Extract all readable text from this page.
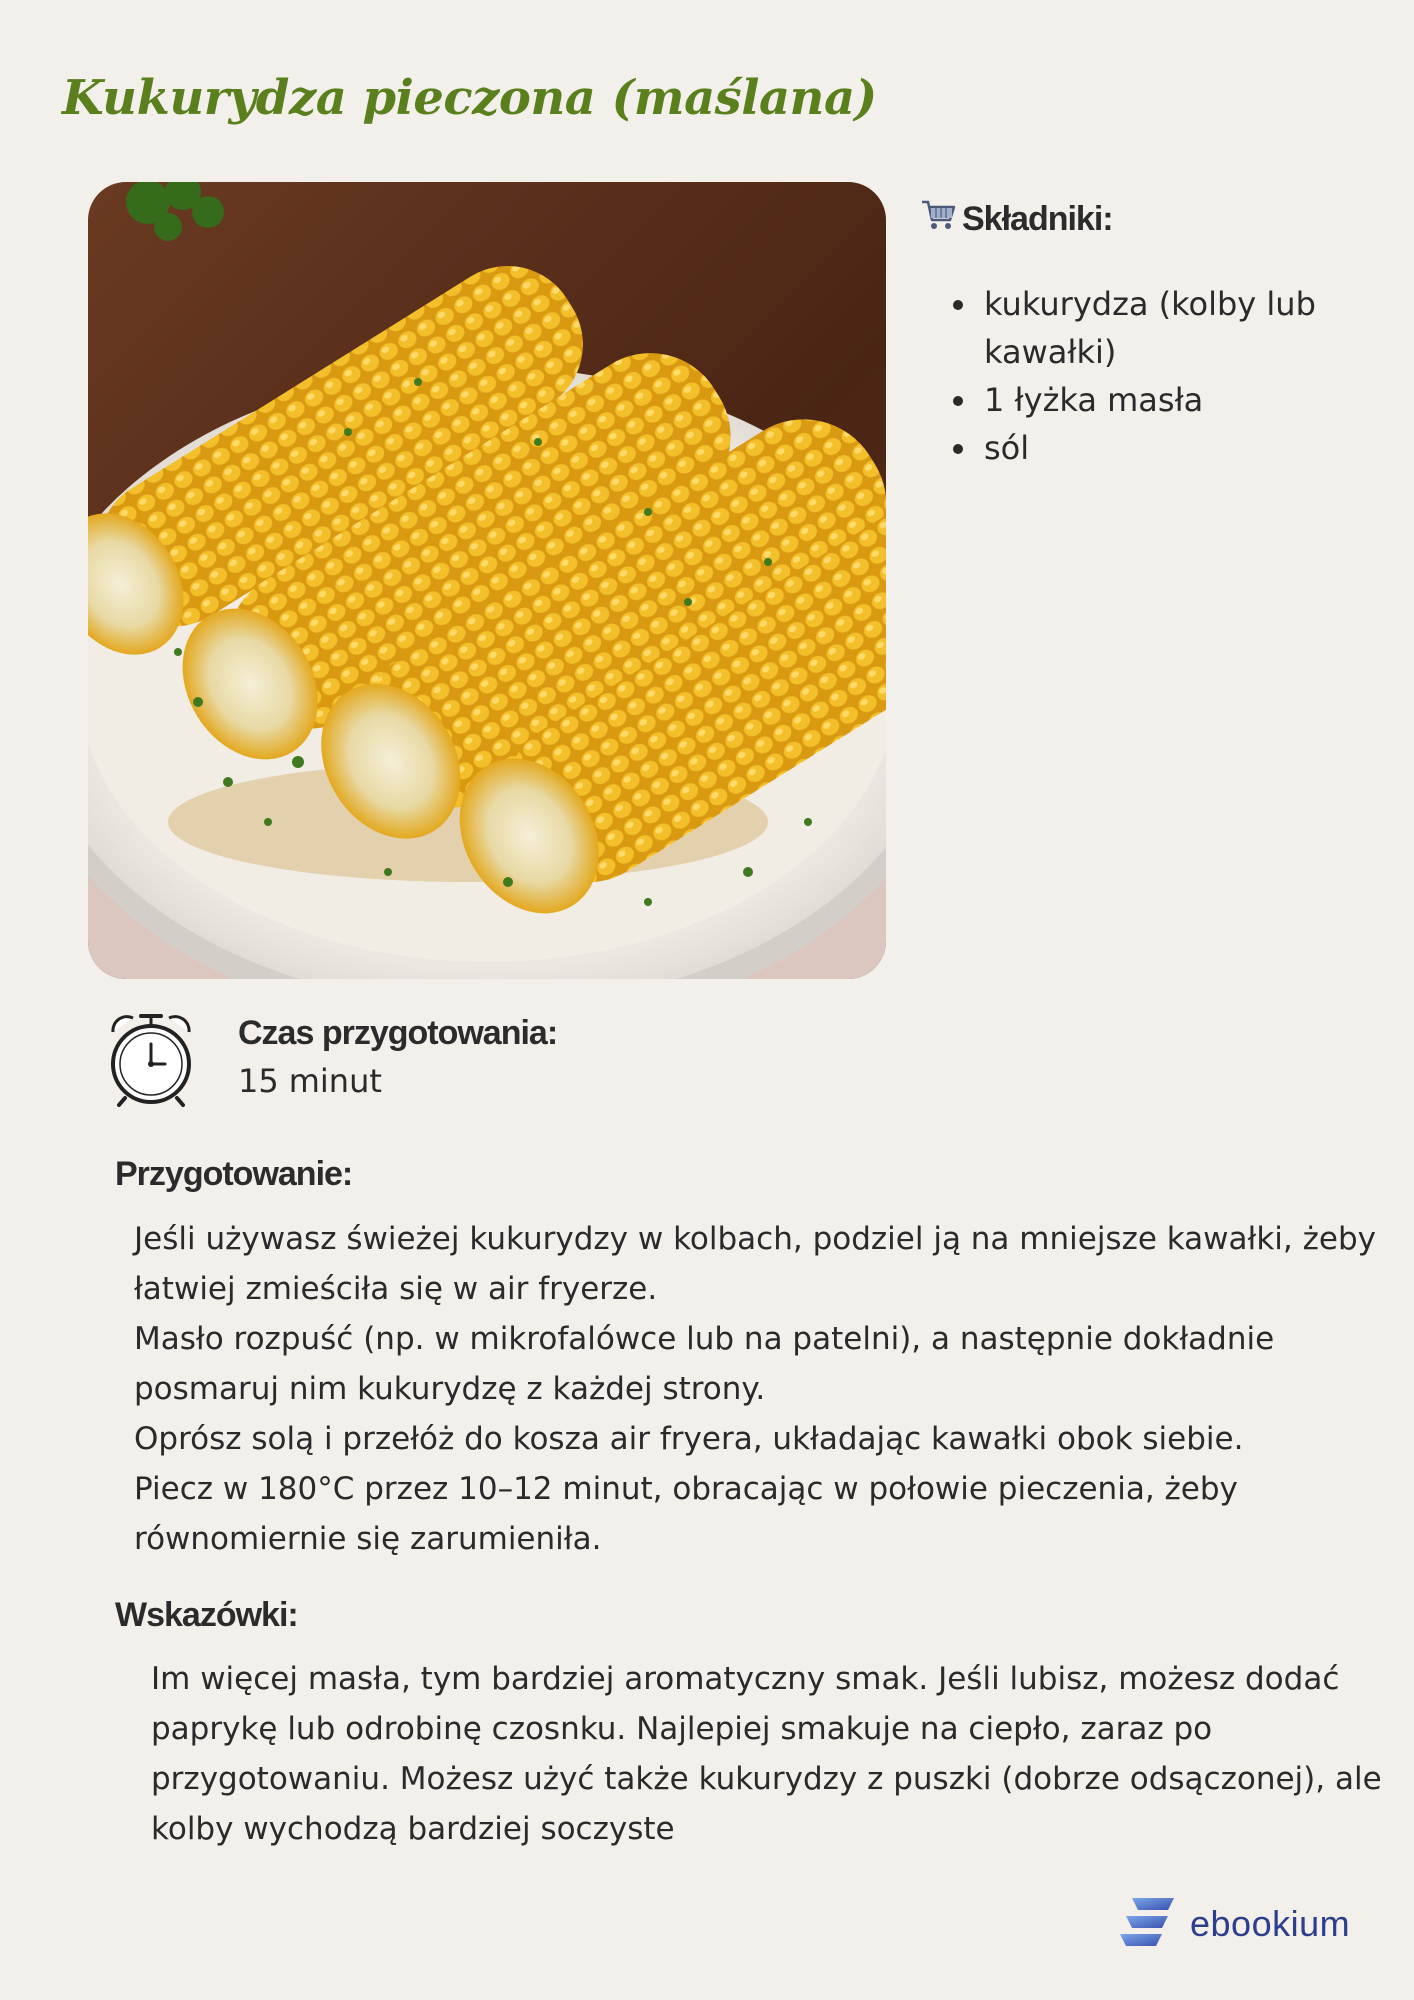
Kukurydza pieczona (maślana)
Składniki:
• kukurydza (kolby lub kawałki)
• 1 łyżka masła
• sól
Czas przygotowania:
15 minut
Przygotowanie:

Jeśli używasz świeżej kukurydzy w kolbach, podziel ją na mniejsze kawałki, żeby łatwiej zmieściła się w air fryerze.

Masło rozpuść (np. w mikrofalówce lub na patelni), a następnie dokładnie posmaruj nim kukurydzę z każdej strony.

Oprósz solą i przełóż do kosza air fryera, układając kawałki obok siebie.

Piecz w 180°C przez 10–12 minut, obracając w połowie pieczenia, żeby równomiernie się zarumieniła.

Wskazówki:

Im więcej masła, tym bardziej aromatyczny smak. Jeśli lubisz, możesz dodać paprykę lub odrobinę czosnku. Najlepiej smakuje na ciepło, zaraz po przygotowaniu. Możesz użyć także kukurydzy z puszki (dobrze odsączonej), ale kolby wychodzą bardziej soczyste

ebookium
